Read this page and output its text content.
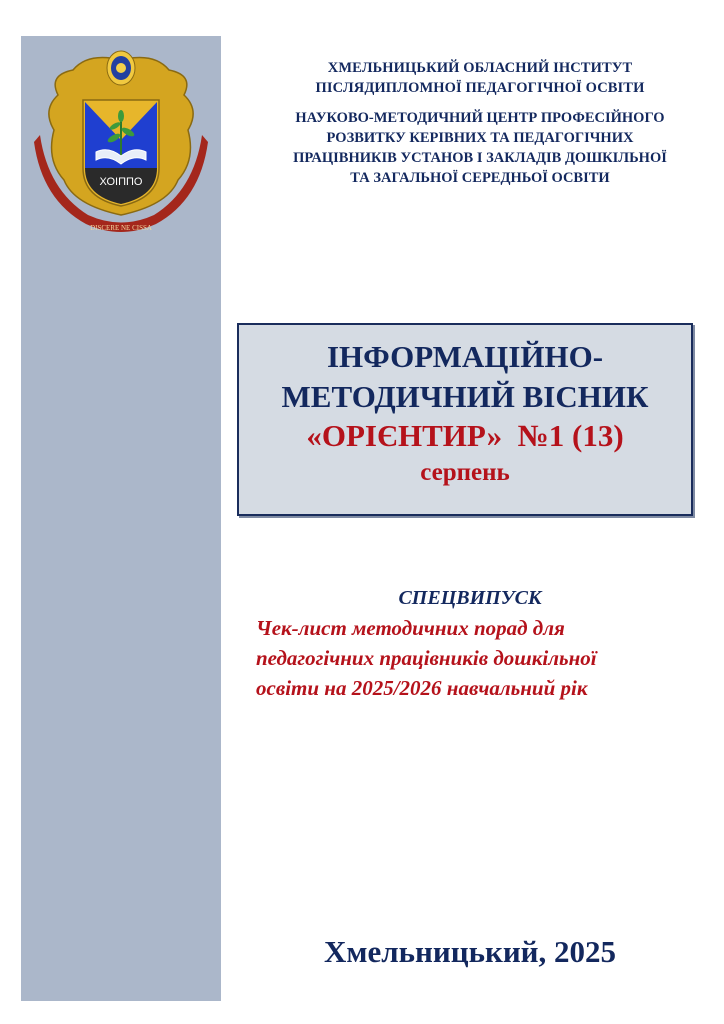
ХОІППО
DISCERE NE CISSA
ХМЕЛЬНИЦЬКИЙ ОБЛАСНИЙ ІНСТИТУТ
ПІСЛЯДИПЛОМНОЇ ПЕДАГОГІЧНОЇ ОСВІТИ
НАУКОВО-МЕТОДИЧНИЙ ЦЕНТР ПРОФЕСІЙНОГО
РОЗВИТКУ КЕРІВНИХ ТА ПЕДАГОГІЧНИХ
ПРАЦІВНИКІВ УСТАНОВ І ЗАКЛАДІВ ДОШКІЛЬНОЇ
ТА ЗАГАЛЬНОЇ СЕРЕДНЬОЇ ОСВІТИ
ІНФОРМАЦІЙНО-
МЕТОДИЧНИЙ ВІСНИК
«ОРІЄНТИР»  №1 (13)
серпень
СПЕЦВИПУСК
Чек-лист методичних порад для
педагогічних працівників дошкільної
освіти на 2025/2026 навчальний рік
Хмельницький, 2025
